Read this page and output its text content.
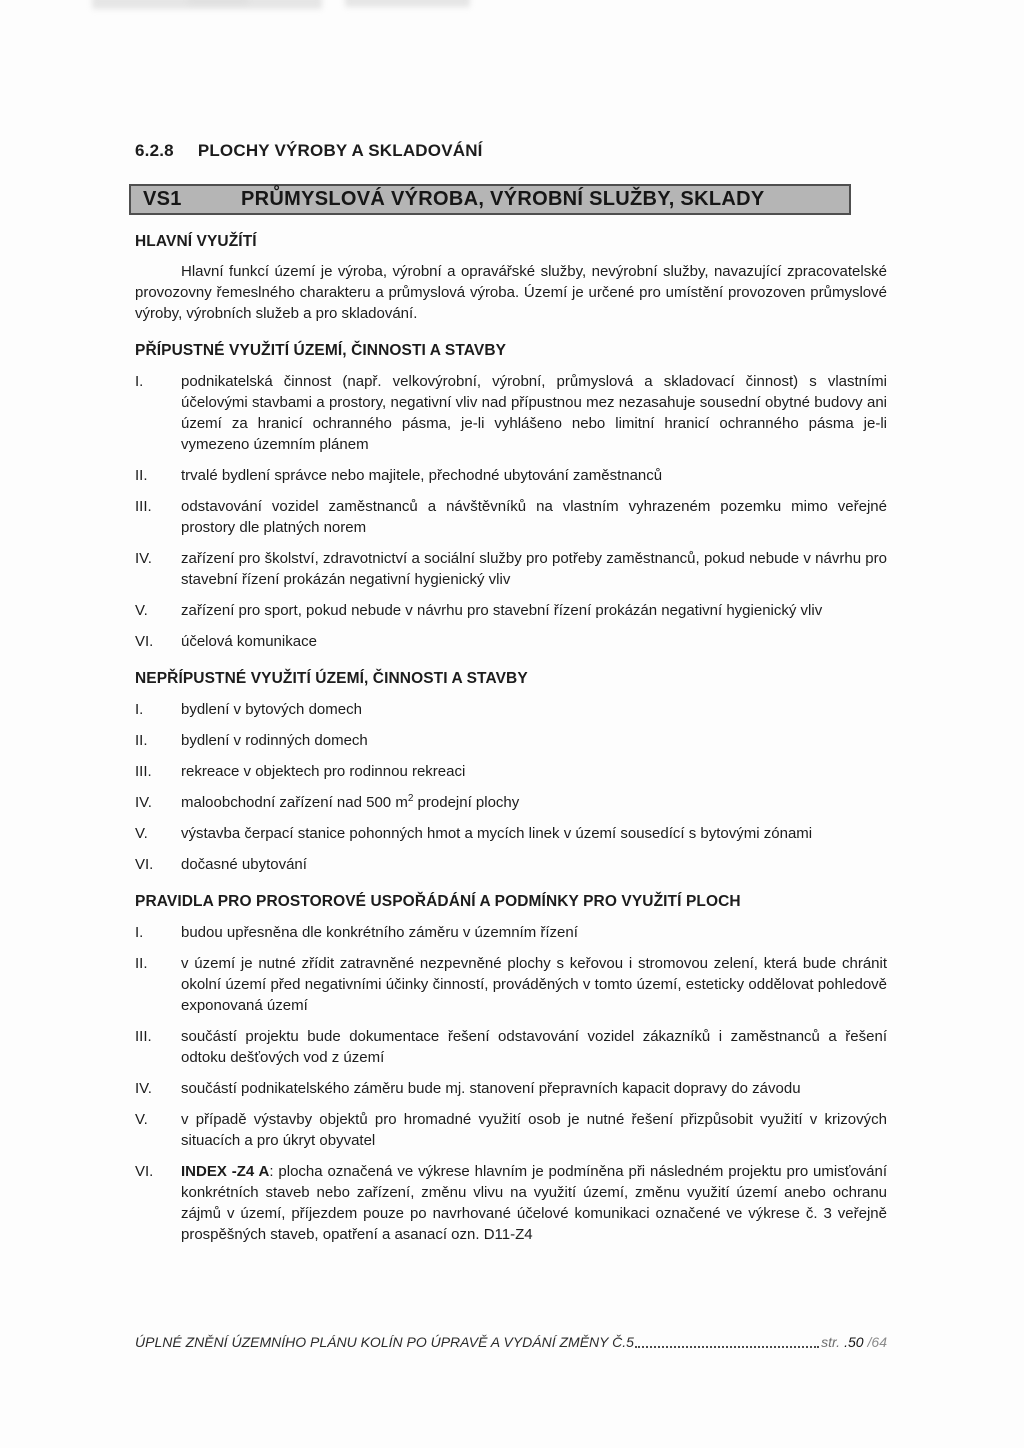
6.2.8 PLOCHY VÝROBY A SKLADOVÁNÍ
VS1	PRŮMYSLOVÁ VÝROBA, VÝROBNÍ SLUŽBY, SKLADY
HLAVNÍ VYUŽÍTÍ
Hlavní funkcí území je výroba, výrobní a opravářské služby, nevýrobní služby, navazující zpracovatelské provozovny řemeslného charakteru a průmyslová výroba. Území je určené pro umístění provozoven průmyslové výroby, výrobních služeb a pro skladování.
PŘÍPUSTNÉ VYUŽITÍ ÚZEMÍ, ČINNOSTI A STAVBY
I.	podnikatelská činnost (např. velkovýrobní, výrobní, průmyslová a skladovací činnost) s vlastními účelovými stavbami a prostory, negativní vliv nad přípustnou mez nezasahuje sousední obytné budovy ani území za hranicí ochranného pásma, je-li vyhlášeno nebo limitní hranicí ochranného pásma je-li vymezeno územním plánem
II.	trvalé bydlení správce nebo majitele, přechodné ubytování zaměstnanců
III.	odstavování vozidel zaměstnanců a návštěvníků na vlastním vyhrazeném pozemku mimo veřejné prostory dle platných norem
IV.	zařízení pro školství, zdravotnictví a sociální služby pro potřeby zaměstnanců, pokud nebude v návrhu pro stavební řízení prokázán negativní hygienický vliv
V.	zařízení pro sport, pokud nebude v návrhu pro stavební řízení prokázán negativní hygienický vliv
VI.	účelová komunikace
NEPŘÍPUSTNÉ VYUŽITÍ ÚZEMÍ, ČINNOSTI A STAVBY
I.	bydlení v bytových domech
II.	bydlení v rodinných domech
III.	rekreace v objektech pro rodinnou rekreaci
IV.	maloobchodní zařízení nad 500 $m^2$ prodejní plochy
V.	výstavba čerpací stanice pohonných hmot a mycích linek v území sousedící s bytovými zónami
VI.	dočasné ubytování
PRAVIDLA PRO PROSTOROVÉ USPOŘÁDÁNÍ A PODMÍNKY PRO VYUŽITÍ PLOCH
I.	budou upřesněna dle konkrétního záměru v územním řízení
II.	v území je nutné zřídit zatravněné nezpevněné plochy s keřovou i stromovou zelení, která bude chránit okolní území před negativními účinky činností, prováděných v tomto území, esteticky oddělovat pohledově exponovaná území
III.	součástí projektu bude dokumentace řešení odstavování vozidel zákazníků i zaměstnanců a řešení odtoku dešťových vod z území
IV.	součástí podnikatelského záměru bude mj. stanovení přepravních kapacit dopravy do závodu
V.	v případě výstavby objektů pro hromadné využití osob je nutné řešení přizpůsobit využití v krizových situacích a pro úkryt obyvatel
VI.	INDEX -Z4 A: plocha označená ve výkrese hlavním je podmíněna při následném projektu pro umisťování konkrétních staveb nebo zařízení, změnu vlivu na využití území, změnu využití území anebo ochranu zájmů v území, příjezdem pouze po navrhované účelové komunikaci označené ve výkrese č. 3 veřejně prospěšných staveb, opatření a asanací ozn. D11-Z4
ÚPLNÉ ZNĚNÍ ÚZEMNÍHO PLÁNU KOLÍN PO ÚPRAVĚ A VYDÁNÍ ZMĚNY Č.5	str. .50 /64
